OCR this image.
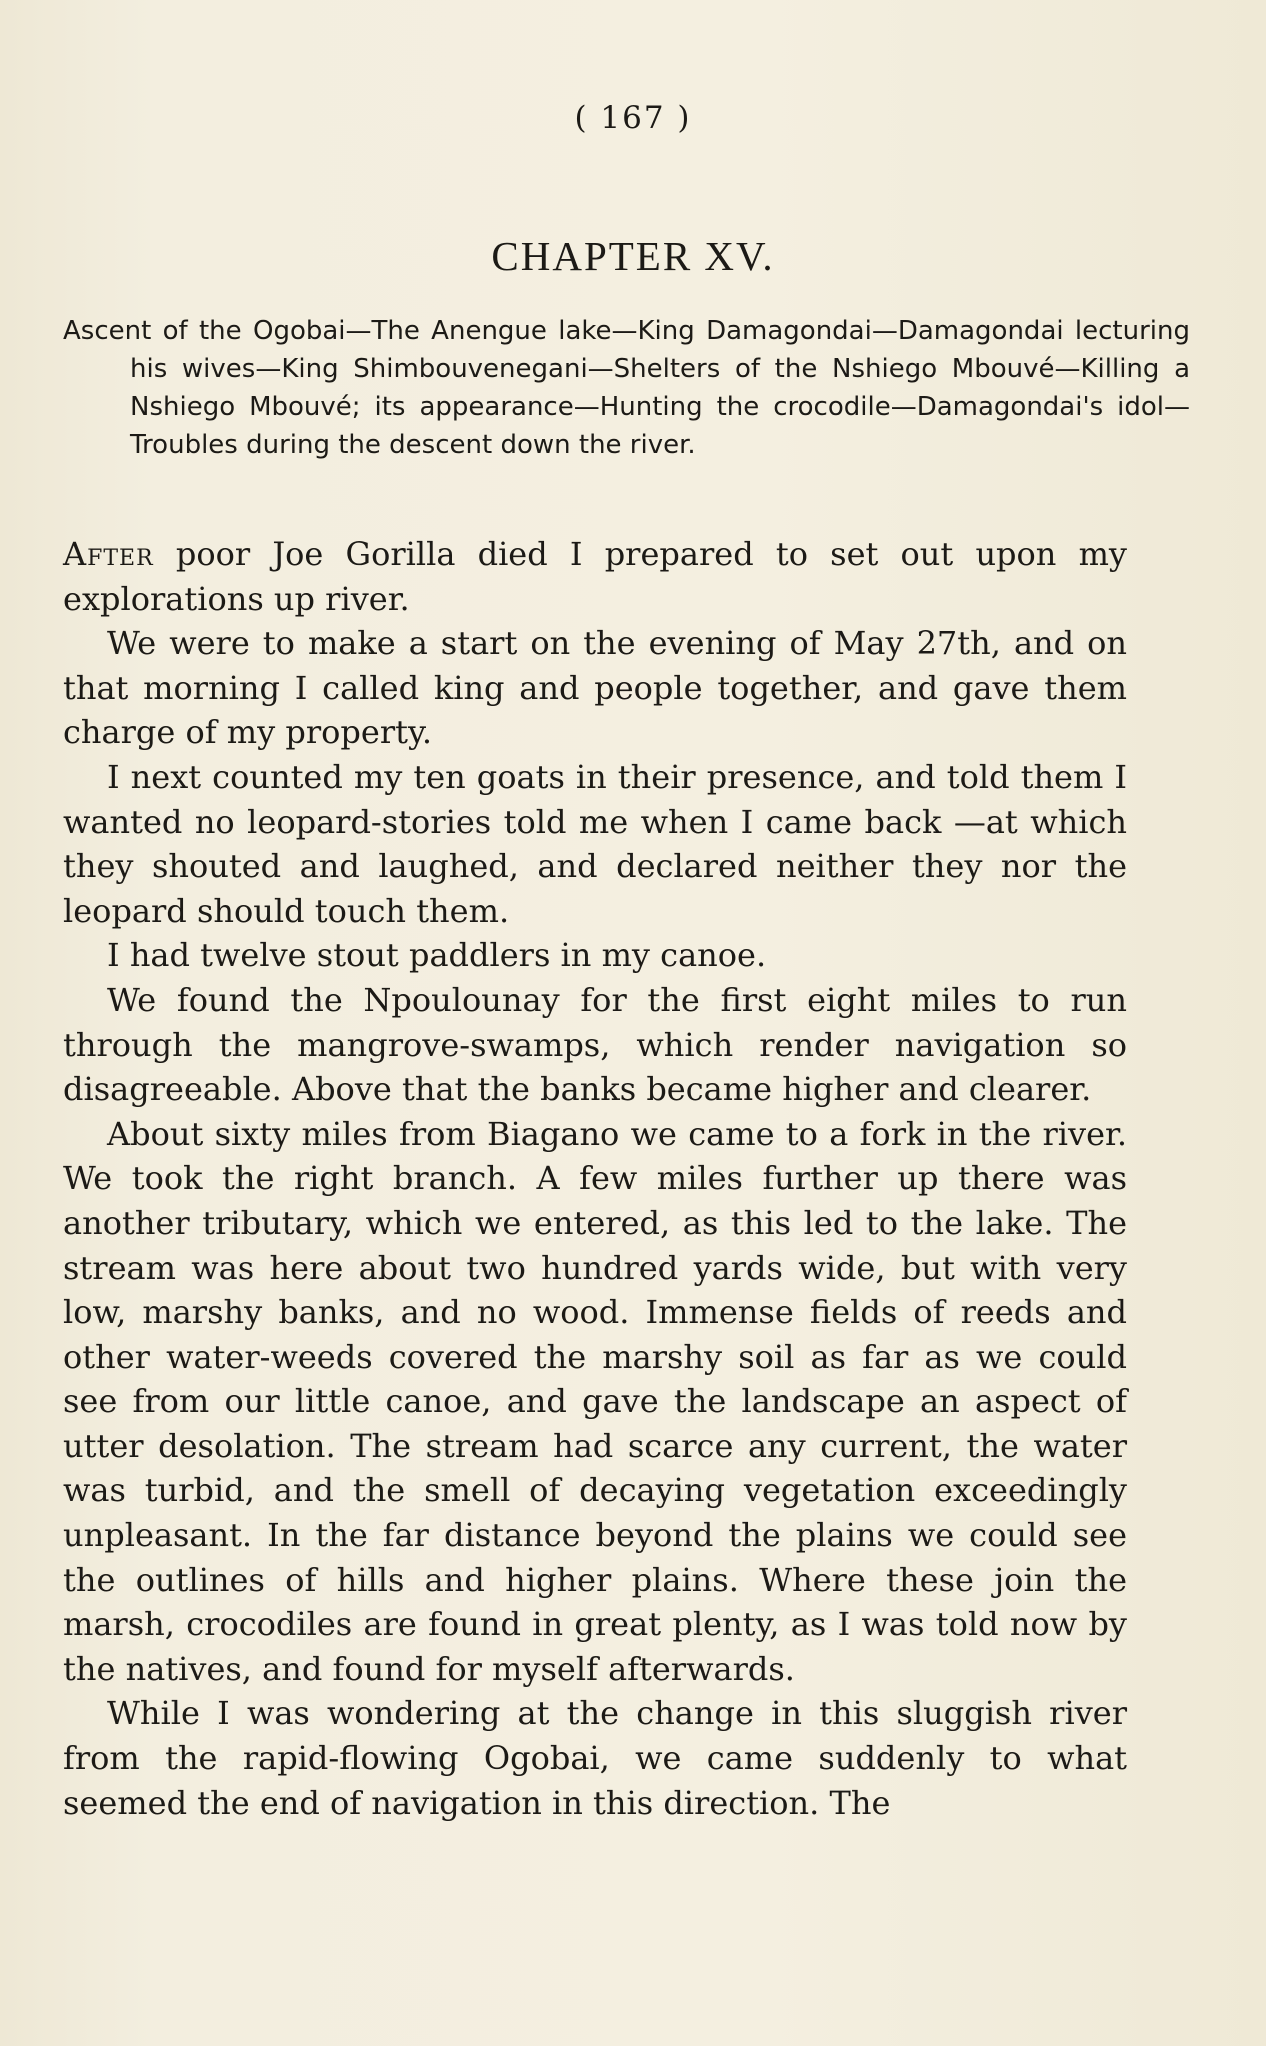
( 167 )
CHAPTER XV.
Ascent of the Ogobai—The Anengue lake—King Damagondai—Damagondai lecturing his wives—King Shimbouvenegani—Shelters of the Nshiego Mbouvé—Killing a Nshiego Mbouvé; its appearance—Hunting the crocodile—Damagondai's idol—Troubles during the descent down the river.

After poor Joe Gorilla died I prepared to set out upon my explorations up river.

We were to make a start on the evening of May 27th, and on that morning I called king and people together, and gave them charge of my property.

I next counted my ten goats in their presence, and told them I wanted no leopard-stories told me when I came back —at which they shouted and laughed, and declared neither they nor the leopard should touch them.

I had twelve stout paddlers in my canoe.

We found the Npoulounay for the first eight miles to run through the mangrove-swamps, which render navigation so disagreeable. Above that the banks became higher and clearer.

About sixty miles from Biagano we came to a fork in the river. We took the right branch. A few miles further up there was another tributary, which we entered, as this led to the lake. The stream was here about two hundred yards wide, but with very low, marshy banks, and no wood. Immense fields of reeds and other water-weeds covered the marshy soil as far as we could see from our little canoe, and gave the landscape an aspect of utter desolation. The stream had scarce any current, the water was turbid, and the smell of decaying vegetation exceedingly unpleasant. In the far distance beyond the plains we could see the outlines of hills and higher plains. Where these join the marsh, crocodiles are found in great plenty, as I was told now by the natives, and found for myself afterwards.

While I was wondering at the change in this sluggish river from the rapid-flowing Ogobai, we came suddenly to what seemed the end of navigation in this direction. The
